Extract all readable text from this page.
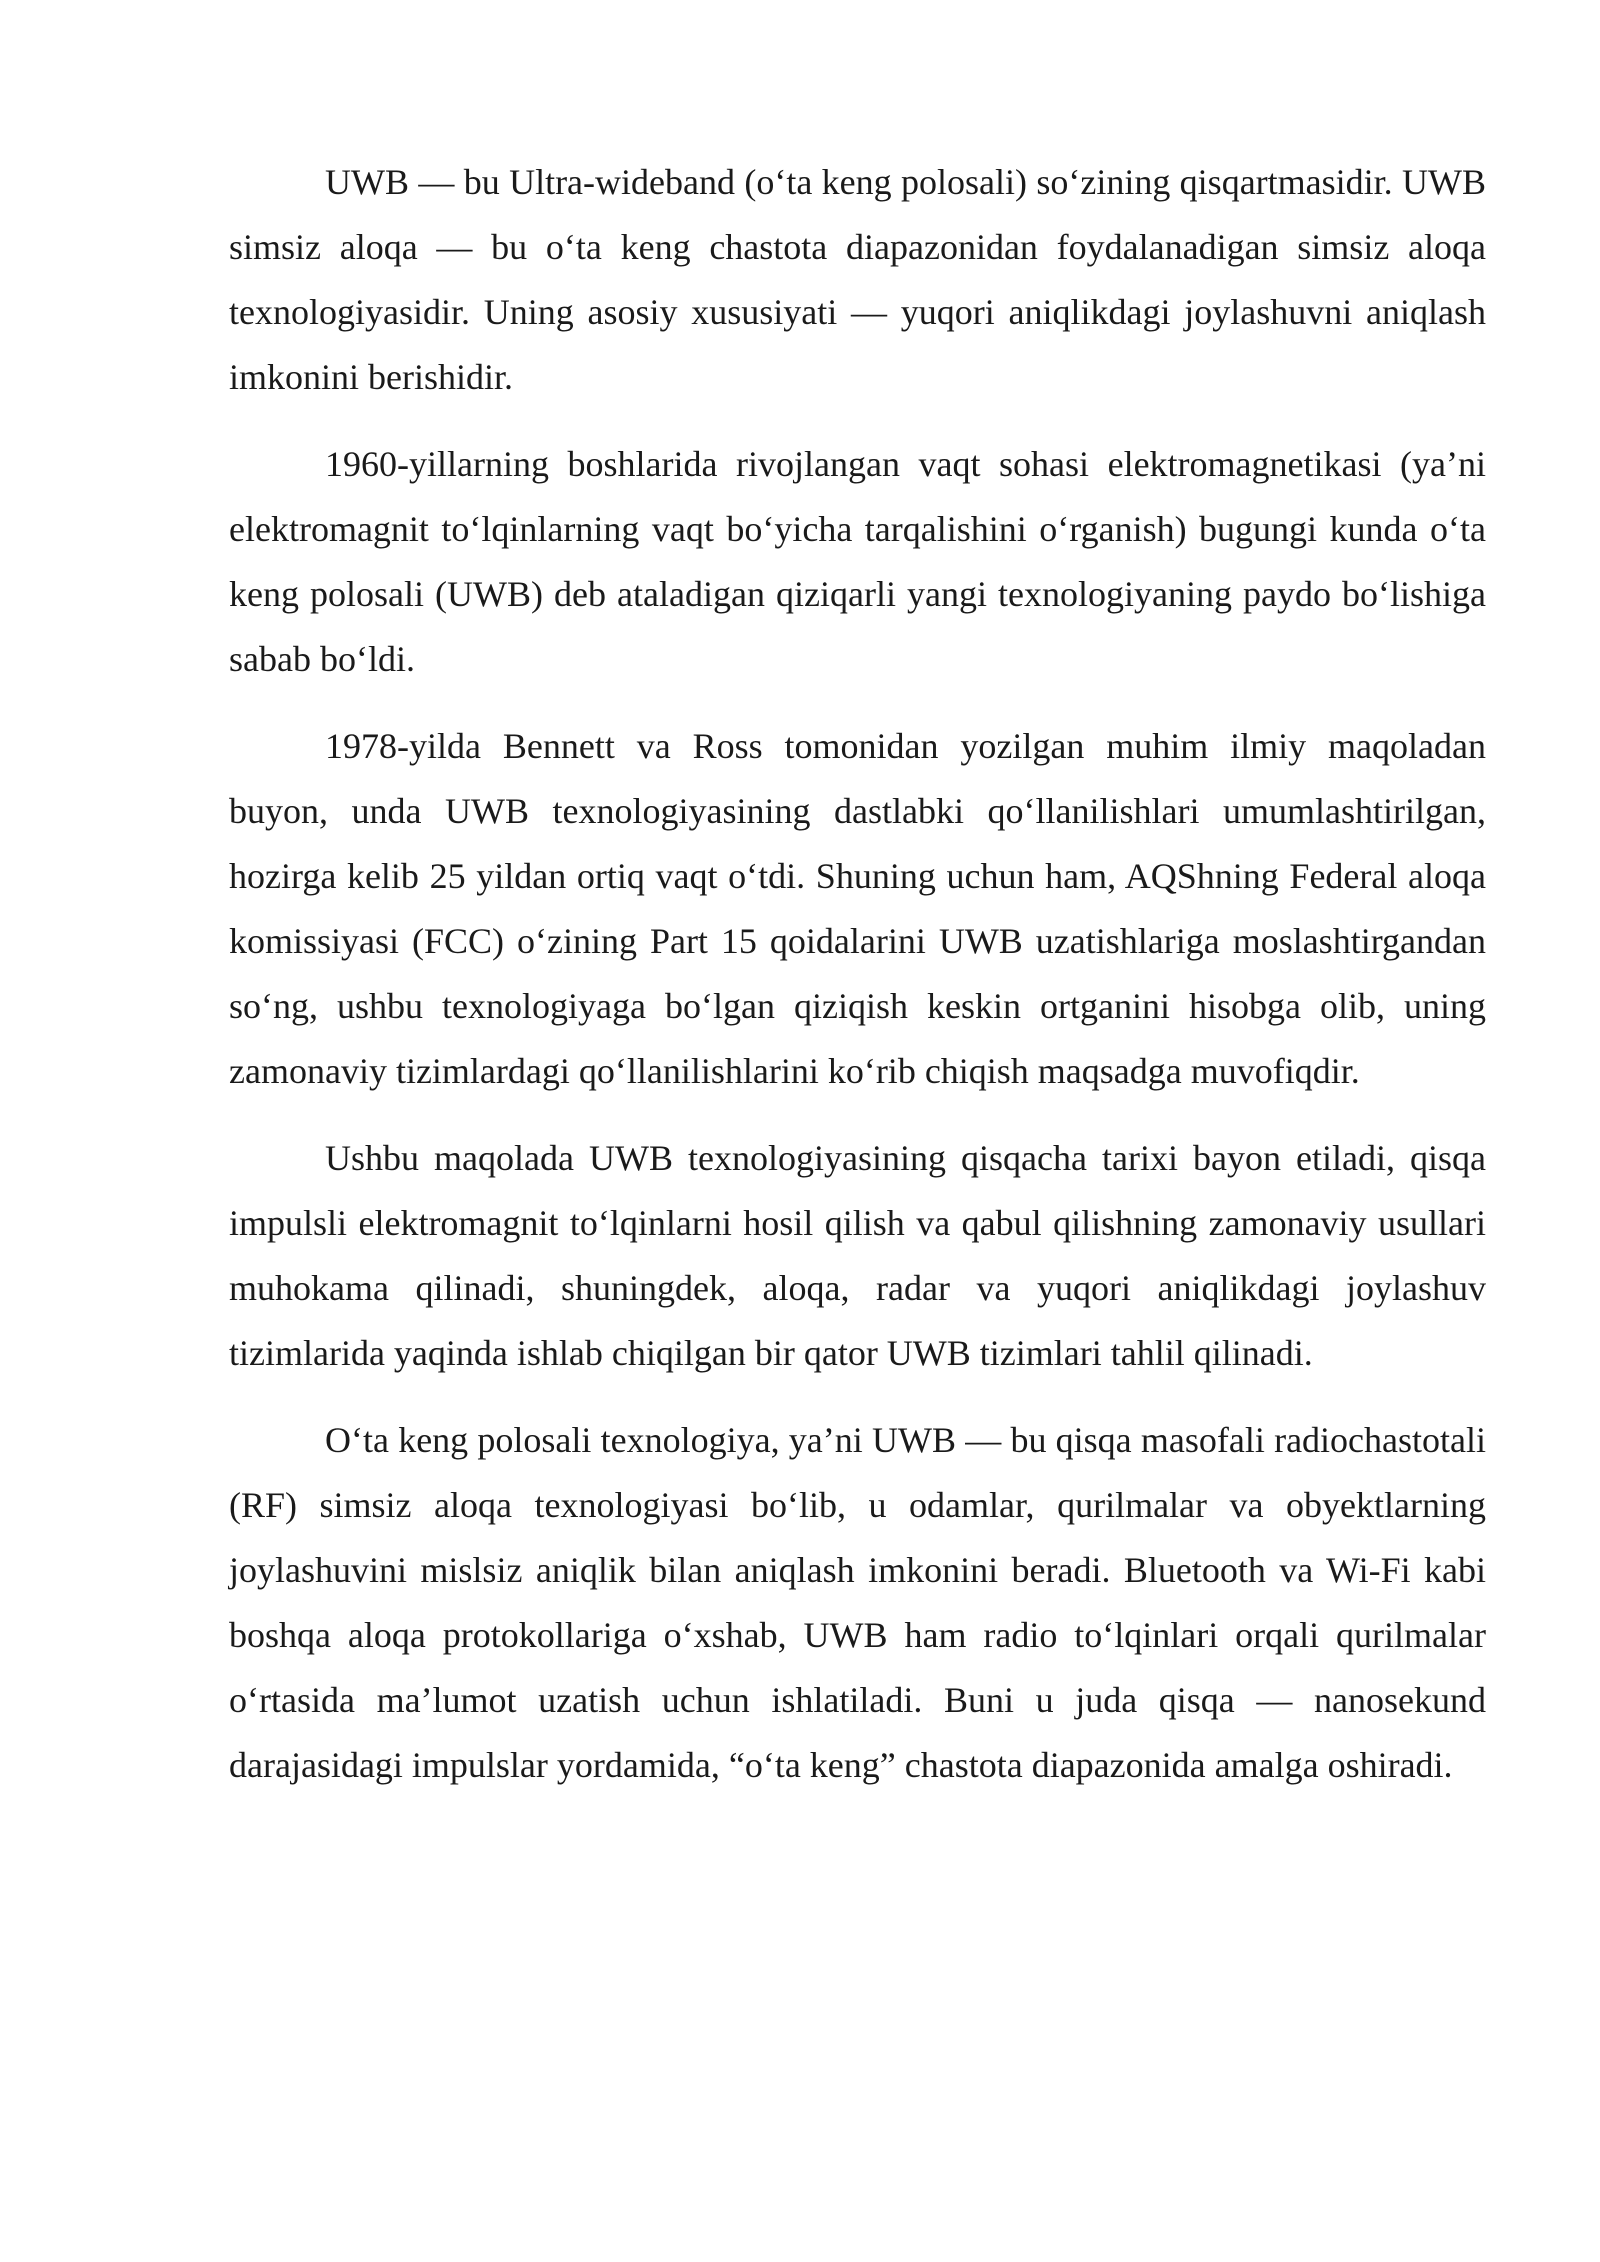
UWB — bu Ultra-wideband (o‘ta keng polosali) so‘zining qisqartmasidir. UWB simsiz aloqa — bu o‘ta keng chastota diapazonidan foydalanadigan simsiz aloqa texnologiyasidir. Uning asosiy xususiyati — yuqori aniqlikdagi joylashuvni aniqlash imkonini berishidir.

1960-yillarning boshlarida rivojlangan vaqt sohasi elektromagnetikasi (ya’ni elektromagnit to‘lqinlarning vaqt bo‘yicha tarqalishini o‘rganish) bugungi kunda o‘ta keng polosali (UWB) deb ataladigan qiziqarli yangi texnologiyaning paydo bo‘lishiga sabab bo‘ldi.

1978-yilda Bennett va Ross tomonidan yozilgan muhim ilmiy maqoladan buyon, unda UWB texnologiyasining dastlabki qo‘llanilishlari umumlashtirilgan, hozirga kelib 25 yildan ortiq vaqt o‘tdi. Shuning uchun ham, AQShning Federal aloqa komissiyasi (FCC) o‘zining Part 15 qoidalarini UWB uzatishlariga moslashtirgandan so‘ng, ushbu texnologiyaga bo‘lgan qiziqish keskin ortganini hisobga olib, uning zamonaviy tizimlardagi qo‘llanilishlarini ko‘rib chiqish maqsadga muvofiqdir.

Ushbu maqolada UWB texnologiyasining qisqacha tarixi bayon etiladi, qisqa impulsli elektromagnit to‘lqinlarni hosil qilish va qabul qilishning zamonaviy usullari muhokama qilinadi, shuningdek, aloqa, radar va yuqori aniqlikdagi joylashuv tizimlarida yaqinda ishlab chiqilgan bir qator UWB tizimlari tahlil qilinadi.

O‘ta keng polosali texnologiya, ya’ni UWB — bu qisqa masofali radiochastotali (RF) simsiz aloqa texnologiyasi bo‘lib, u odamlar, qurilmalar va obyektlarning joylashuvini mislsiz aniqlik bilan aniqlash imkonini beradi. Bluetooth va Wi-Fi kabi boshqa aloqa protokollariga o‘xshab, UWB ham radio to‘lqinlari orqali qurilmalar o‘rtasida ma’lumot uzatish uchun ishlatiladi. Buni u juda qisqa — nanosekund darajasidagi impulslar yordamida, “o‘ta keng” chastota diapazonida amalga oshiradi.
